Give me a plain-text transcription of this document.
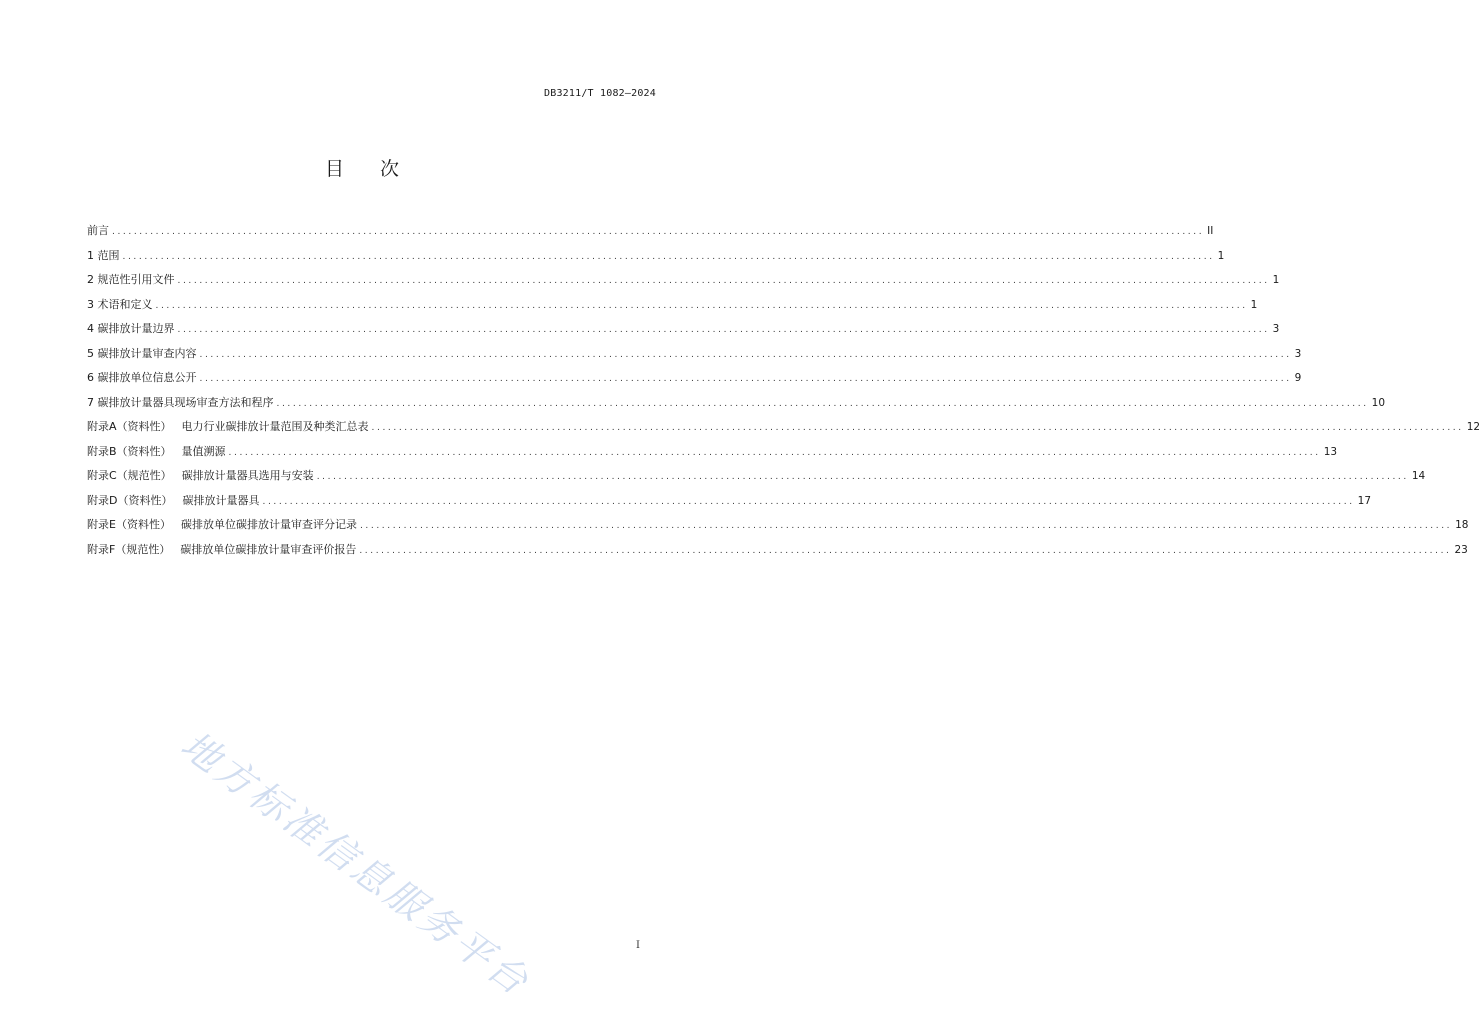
DB3211/T 1082—2024
目 次
前言 ........................................................................................................................................................................................................ II
1 范围 ........................................................................................................................................................................................................ 1
2 规范性引用文件 ........................................................................................................................................................................................................ 1
3 术语和定义 ........................................................................................................................................................................................................ 1
4 碳排放计量边界 ........................................................................................................................................................................................................ 3
5 碳排放计量审查内容 ........................................................................................................................................................................................................ 3
6 碳排放单位信息公开 ........................................................................................................................................................................................................ 9
7 碳排放计量器具现场审查方法和程序 ........................................................................................................................................................................................................ 10
附录A（资料性） 电力行业碳排放计量范围及种类汇总表 ........................................................................................................................................................................................................ 12
附录B（资料性） 量值溯源 ........................................................................................................................................................................................................ 13
附录C（规范性） 碳排放计量器具选用与安装 ........................................................................................................................................................................................................ 14
附录D（资料性） 碳排放计量器具 ........................................................................................................................................................................................................ 17
附录E（资料性） 碳排放单位碳排放计量审查评分记录 ........................................................................................................................................................................................................ 18
附录F（规范性） 碳排放单位碳排放计量审查评价报告 ........................................................................................................................................................................................................ 23
地方标准信息服务平台	I
